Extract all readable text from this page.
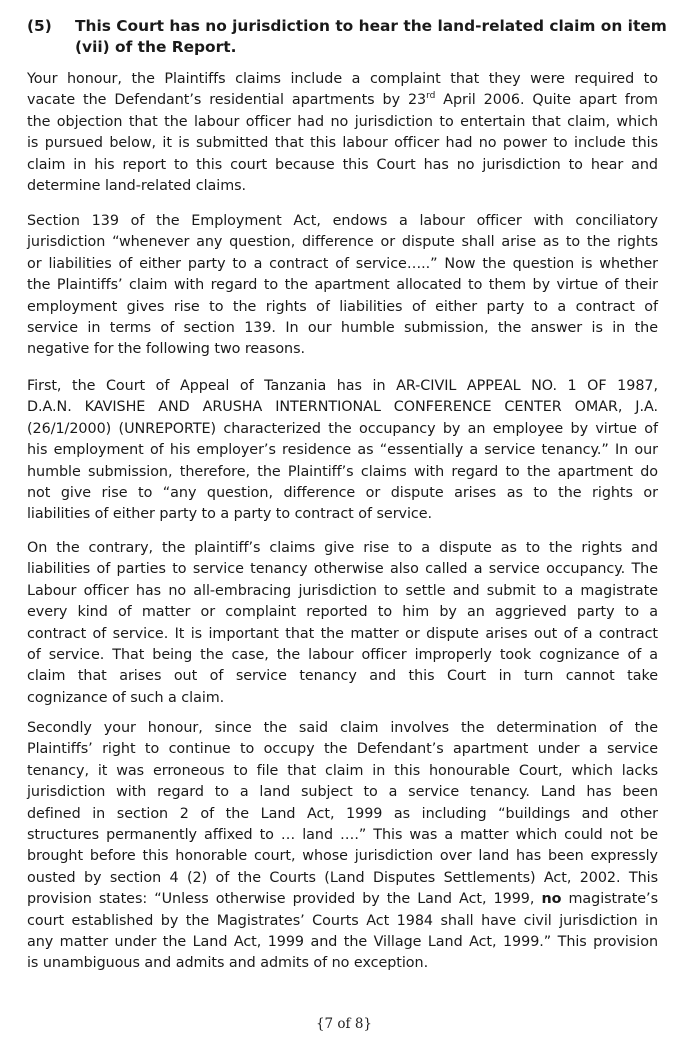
(5)	This Court has no jurisdiction to hear the land-related claim on item (vii) of the Report.
Your honour, the Plaintiffs claims include a complaint that they were required to
vacate the Defendant’s residential apartments by 23rd April 2006. Quite apart from
the objection that the labour officer had no jurisdiction to entertain that claim, which
is pursued below, it is submitted that this labour officer had no power to include this
claim in his report to this court because this Court has no jurisdiction to hear and
determine land-related claims.
Section 139 of the Employment Act, endows a labour officer with conciliatory
jurisdiction “whenever any question, difference or dispute shall arise as to the rights
or liabilities of either party to a contract of service…..” Now the question is whether
the Plaintiffs’ claim with regard to the apartment allocated to them by virtue of their
employment gives rise to the rights of liabilities of either party to a contract of
service in terms of section 139. In our humble submission, the answer is in the
negative for the following two reasons.
First, the Court of Appeal of Tanzania has in AR-CIVIL APPEAL NO. 1 OF 1987,
D.A.N. KAVISHE AND ARUSHA INTERNTIONAL CONFERENCE CENTER OMAR, J.A.
(26/1/2000) (UNREPORTE) characterized the occupancy by an employee by virtue of
his employment of his employer’s residence as “essentially a service tenancy.” In our
humble submission, therefore, the Plaintiff’s claims with regard to the apartment do
not give rise to “any question, difference or dispute arises as to the rights or
liabilities of either party to a party to contract of service.
On the contrary, the plaintiff’s claims give rise to a dispute as to the rights and
liabilities of parties to service tenancy otherwise also called a service occupancy. The
Labour officer has no all-embracing jurisdiction to settle and submit to a magistrate
every kind of matter or complaint reported to him by an aggrieved party to a
contract of service. It is important that the matter or dispute arises out of a contract
of service. That being the case, the labour officer improperly took cognizance of a
claim that arises out of service tenancy and this Court in turn cannot take
cognizance of such a claim.
Secondly your honour, since the said claim involves the determination of the
Plaintiffs’ right to continue to occupy the Defendant’s apartment under a service
tenancy, it was erroneous to file that claim in this honourable Court, which lacks
jurisdiction with regard to a land subject to a service tenancy. Land has been
defined in section 2 of the Land Act, 1999 as including “buildings and other
structures permanently affixed to … land ….” This was a matter which could not be
brought before this honorable court, whose jurisdiction over land has been expressly
ousted by section 4 (2) of the Courts (Land Disputes Settlements) Act, 2002. This
provision states: “Unless otherwise provided by the Land Act, 1999, no magistrate’s
court established by the Magistrates’ Courts Act 1984 shall have civil jurisdiction in
any matter under the Land Act, 1999 and the Village Land Act, 1999.” This provision
is unambiguous and admits and admits of no exception.
{7 of 8}
